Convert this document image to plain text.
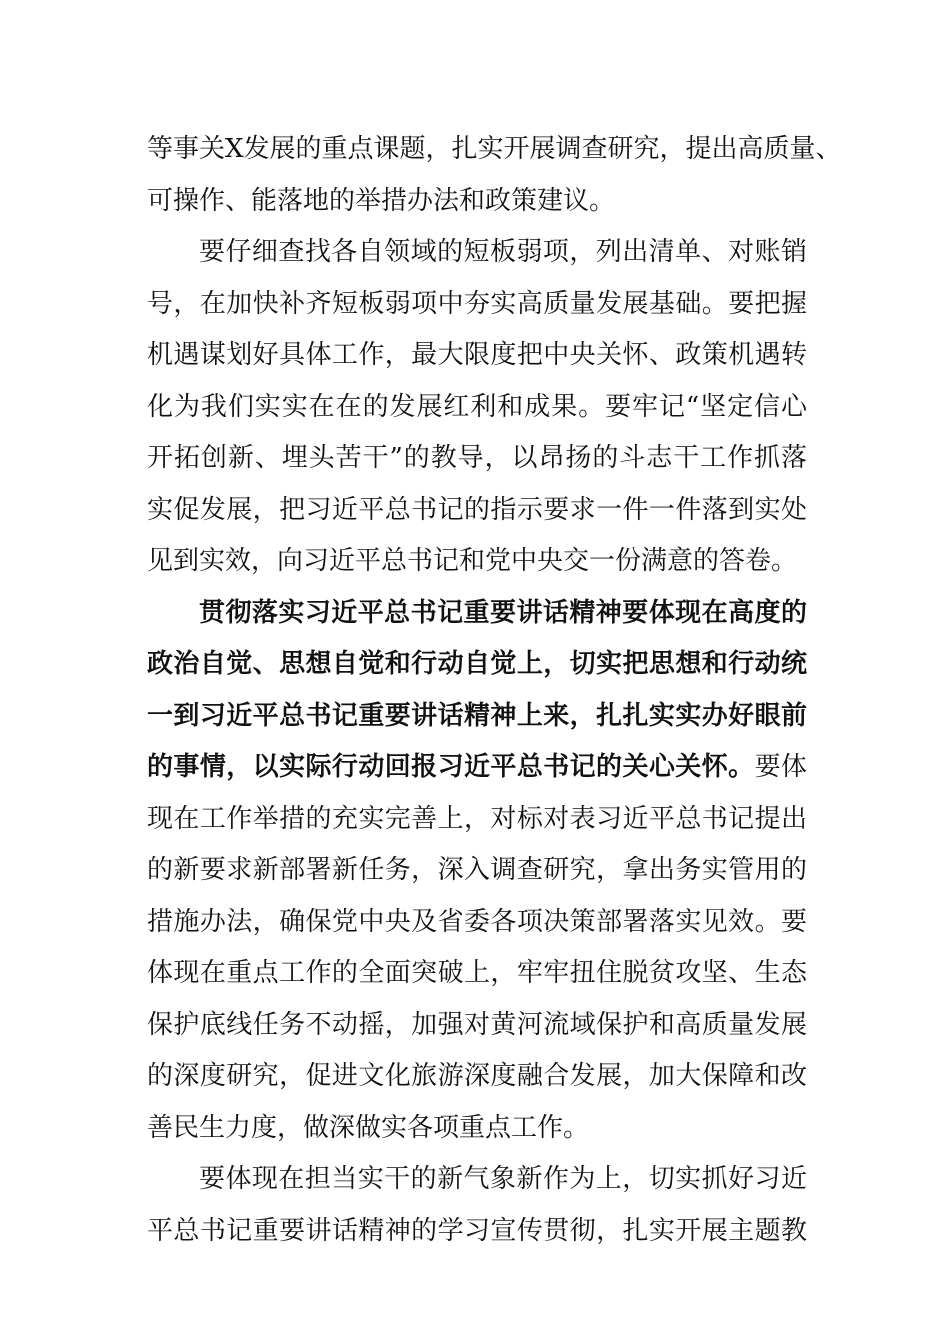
等事关X发展的重点课题，扎实开展调查研究，提出高质量、
可操作、能落地的举措办法和政策建议。
要仔细查找各自领域的短板弱项，列出清单、对账销
号，在加快补齐短板弱项中夯实高质量发展基础。要把握
机遇谋划好具体工作，最大限度把中央关怀、政策机遇转
化为我们实实在在的发展红利和成果。要牢记“坚定信心
开拓创新、埋头苦干”的教导，以昂扬的斗志干工作抓落
实促发展，把习近平总书记的指示要求一件一件落到实处
见到实效，向习近平总书记和党中央交一份满意的答卷。
贯彻落实习近平总书记重要讲话精神要体现在高度的
政治自觉、思想自觉和行动自觉上，切实把思想和行动统
一到习近平总书记重要讲话精神上来，扎扎实实办好眼前
的事情，以实际行动回报习近平总书记的关心关怀。要体
现在工作举措的充实完善上，对标对表习近平总书记提出
的新要求新部署新任务，深入调查研究，拿出务实管用的
措施办法，确保党中央及省委各项决策部署落实见效。要
体现在重点工作的全面突破上，牢牢扭住脱贫攻坚、生态
保护底线任务不动摇，加强对黄河流域保护和高质量发展
的深度研究，促进文化旅游深度融合发展，加大保障和改
善民生力度，做深做实各项重点工作。
要体现在担当实干的新气象新作为上，切实抓好习近
平总书记重要讲话精神的学习宣传贯彻，扎实开展主题教
